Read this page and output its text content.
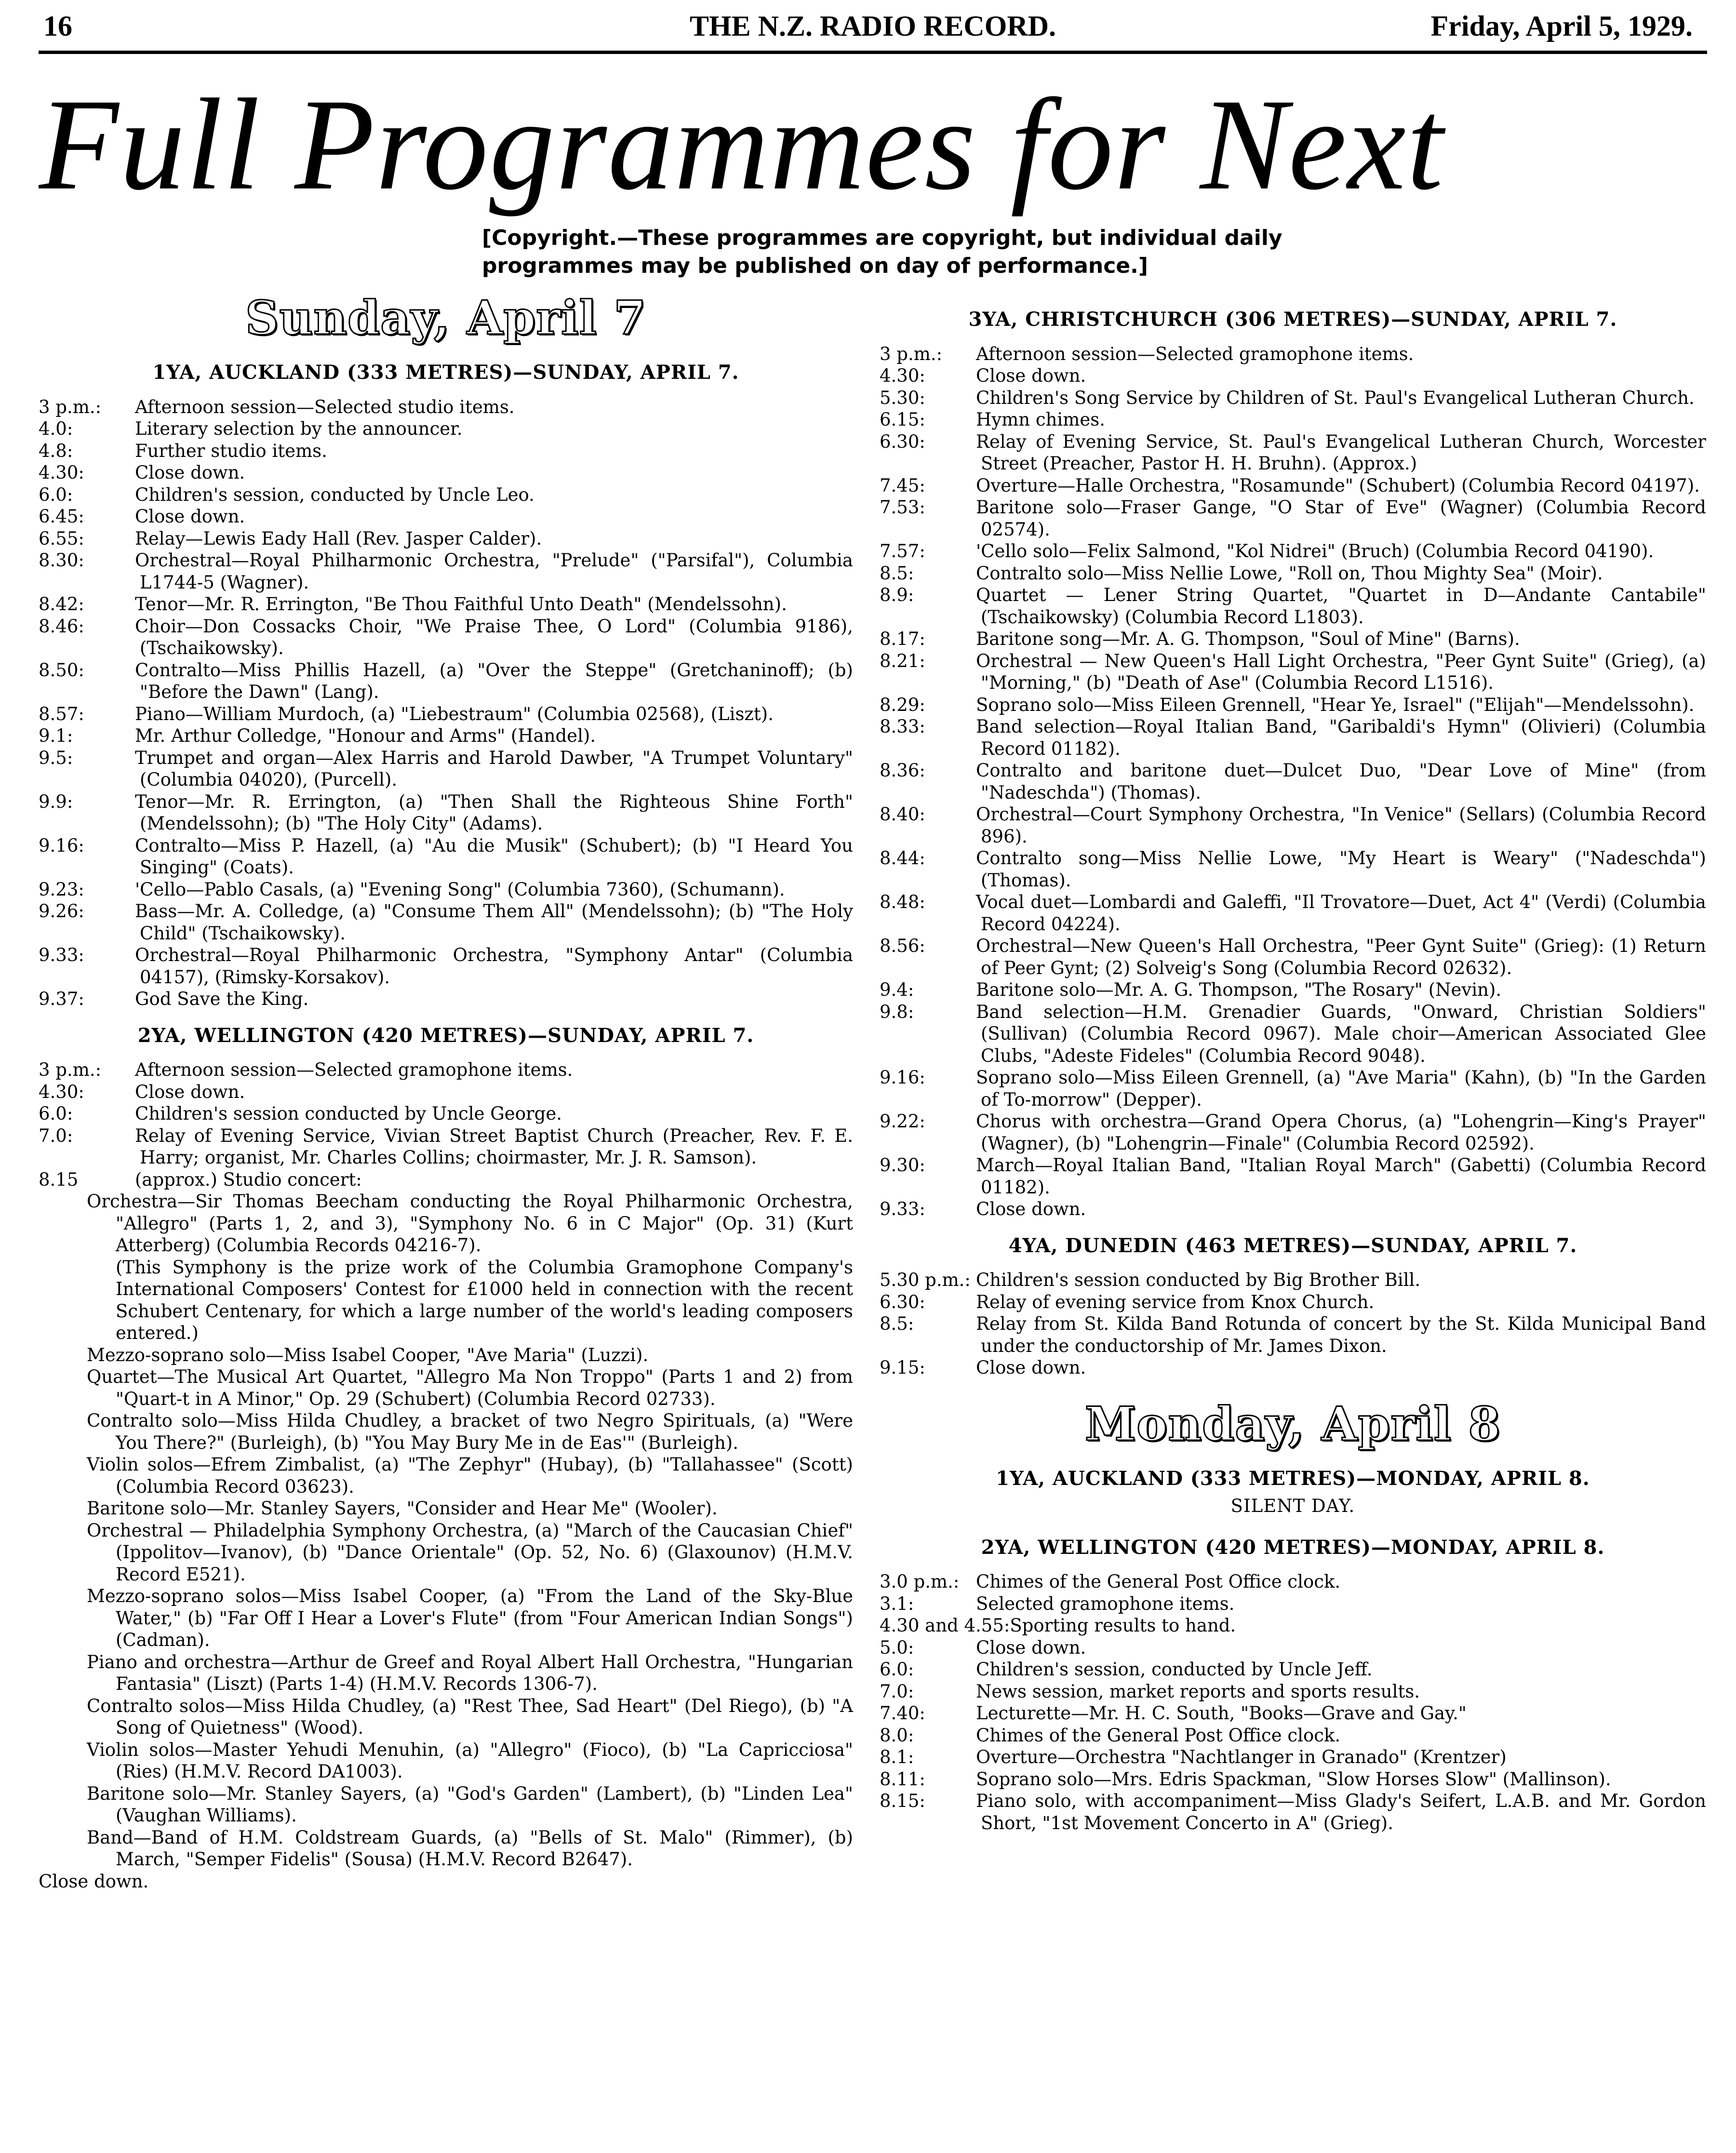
16	THE N.Z. RADIO RECORD.	Friday, April 5, 1929.
Full Programmes for Next
[Copyright.—These programmes are copyright, but individual daily programmes may be published on day of performance.]
Sunday, April 7
1YA, AUCKLAND (333 METRES)—SUNDAY, APRIL 7.
3 p.m.: Afternoon session—Selected studio items.
4.0:	Literary selection by the announcer.
4.8:	Further studio items.
4.30:	Close down.
6.0:	Children's session, conducted by Uncle Leo.
6.45:	Close down.
6.55:	Relay—Lewis Eady Hall (Rev. Jasper Calder).
8.30:	Orchestral—Royal Philharmonic Orchestra, "Prelude" ("Parsifal"), Columbia L1744-5 (Wagner).
8.42:	Tenor—Mr. R. Errington, "Be Thou Faithful Unto Death" (Mendelssohn).
8.46:	Choir—Don Cossacks Choir, "We Praise Thee, O Lord" (Columbia 9186), (Tschaikowsky).
8.50:	Contralto—Miss Phillis Hazell, (a) "Over the Steppe" (Gretchaninoff); (b) "Before the Dawn" (Lang).
8.57:	Piano—William Murdoch, (a) "Liebestraum" (Columbia 02568), (Liszt).
9.1:	Mr. Arthur Colledge, "Honour and Arms" (Handel).
9.5:	Trumpet and organ—Alex Harris and Harold Dawber, "A Trumpet Voluntary" (Columbia 04020), (Purcell).
9.9:	Tenor—Mr. R. Errington, (a) "Then Shall the Righteous Shine Forth" (Mendelssohn); (b) "The Holy City" (Adams).
9.16:	Contralto—Miss P. Hazell, (a) "Au die Musik" (Schubert); (b) "I Heard You Singing" (Coats).
9.23:	'Cello—Pablo Casals, (a) "Evening Song" (Columbia 7360), (Schumann).
9.26:	Bass—Mr. A. Colledge, (a) "Consume Them All" (Mendelssohn); (b) "The Holy Child" (Tschaikowsky).
9.33:	Orchestral—Royal Philharmonic Orchestra, "Symphony Antar" (Columbia 04157), (Rimsky-Korsakov).
9.37:	God Save the King.
2YA, WELLINGTON (420 METRES)—SUNDAY, APRIL 7.
3 p.m.: Afternoon session—Selected gramophone items.
4.30:	Close down.
6.0:	Children's session conducted by Uncle George.
7.0:	Relay of Evening Service, Vivian Street Baptist Church (Preacher, Rev. F. E. Harry; organist, Mr. Charles Collins; choirmaster, Mr. J. R. Samson).
8.15	(approx.) Studio concert:
Orchestra—Sir Thomas Beecham conducting the Royal Philharmonic Orchestra, "Allegro" (Parts 1, 2, and 3), "Symphony No. 6 in C Major" (Op. 31) (Kurt Atterberg) (Columbia Records 04216-7).
(This Symphony is the prize work of the Columbia Gramophone Company's International Composers' Contest for £1000 held in connection with the recent Schubert Centenary, for which a large number of the world's leading composers entered.)
Mezzo-soprano solo—Miss Isabel Cooper, "Ave Maria" (Luzzi).
Quartet—The Musical Art Quartet, "Allegro Ma Non Troppo" (Parts 1 and 2) from "Quart-t in A Minor," Op. 29 (Schubert) (Columbia Record 02733).
Contralto solo—Miss Hilda Chudley, a bracket of two Negro Spirituals, (a) "Were You There?" (Burleigh), (b) "You May Bury Me in de Eas'" (Burleigh).
Violin solos—Efrem Zimbalist, (a) "The Zephyr" (Hubay), (b) "Tallahassee" (Scott) (Columbia Record 03623).
Baritone solo—Mr. Stanley Sayers, "Consider and Hear Me" (Wooler).
Orchestral — Philadelphia Symphony Orchestra, (a) "March of the Caucasian Chief" (Ippolitov—Ivanov), (b) "Dance Orientale" (Op. 52, No. 6) (Glaxounov) (H.M.V. Record E521).
Mezzo-soprano solos—Miss Isabel Cooper, (a) "From the Land of the Sky-Blue Water," (b) "Far Off I Hear a Lover's Flute" (from "Four American Indian Songs") (Cadman).
Piano and orchestra—Arthur de Greef and Royal Albert Hall Orchestra, "Hungarian Fantasia" (Liszt) (Parts 1-4) (H.M.V. Records 1306-7).
Contralto solos—Miss Hilda Chudley, (a) "Rest Thee, Sad Heart" (Del Riego), (b) "A Song of Quietness" (Wood).
Violin solos—Master Yehudi Menuhin, (a) "Allegro" (Fioco), (b) "La Capricciosa" (Ries) (H.M.V. Record DA1003).
Baritone solo—Mr. Stanley Sayers, (a) "God's Garden" (Lambert), (b) "Linden Lea" (Vaughan Williams).
Band—Band of H.M. Coldstream Guards, (a) "Bells of St. Malo" (Rimmer), (b) March, "Semper Fidelis" (Sousa) (H.M.V. Record B2647).
Close down.
3YA, CHRISTCHURCH (306 METRES)—SUNDAY, APRIL 7.
3 p.m.: Afternoon session—Selected gramophone items.
4.30:	Close down.
5.30:	Children's Song Service by Children of St. Paul's Evangelical Lutheran Church.
6.15:	Hymn chimes.
6.30:	Relay of Evening Service, St. Paul's Evangelical Lutheran Church, Worcester Street (Preacher, Pastor H. H. Bruhn). (Approx.)
7.45:	Overture—Halle Orchestra, "Rosamunde" (Schubert) (Columbia Record 04197).
7.53:	Baritone solo—Fraser Gange, "O Star of Eve" (Wagner) (Columbia Record 02574).
7.57:	'Cello solo—Felix Salmond, "Kol Nidrei" (Bruch) (Columbia Record 04190).
8.5:	Contralto solo—Miss Nellie Lowe, "Roll on, Thou Mighty Sea" (Moir).
8.9:	Quartet — Lener String Quartet, "Quartet in D—Andante Cantabile" (Tschaikowsky) (Columbia Record L1803).
8.17:	Baritone song—Mr. A. G. Thompson, "Soul of Mine" (Barns).
8.21:	Orchestral — New Queen's Hall Light Orchestra, "Peer Gynt Suite" (Grieg), (a) "Morning," (b) "Death of Ase" (Columbia Record L1516).
8.29:	Soprano solo—Miss Eileen Grennell, "Hear Ye, Israel" ("Elijah"—Mendelssohn).
8.33:	Band selection—Royal Italian Band, "Garibaldi's Hymn" (Olivieri) (Columbia Record 01182).
8.36:	Contralto and baritone duet—Dulcet Duo, "Dear Love of Mine" (from "Nadeschda") (Thomas).
8.40:	Orchestral—Court Symphony Orchestra, "In Venice" (Sellars) (Columbia Record 896).
8.44:	Contralto song—Miss Nellie Lowe, "My Heart is Weary" ("Nadeschda") (Thomas).
8.48:	Vocal duet—Lombardi and Galeffi, "Il Trovatore—Duet, Act 4" (Verdi) (Columbia Record 04224).
8.56:	Orchestral—New Queen's Hall Orchestra, "Peer Gynt Suite" (Grieg): (1) Return of Peer Gynt; (2) Solveig's Song (Columbia Record 02632).
9.4:	Baritone solo—Mr. A. G. Thompson, "The Rosary" (Nevin).
9.8:	Band selection—H.M. Grenadier Guards, "Onward, Christian Soldiers" (Sullivan) (Columbia Record 0967). Male choir—American Associated Glee Clubs, "Adeste Fideles" (Columbia Record 9048).
9.16:	Soprano solo—Miss Eileen Grennell, (a) "Ave Maria" (Kahn), (b) "In the Garden of To-morrow" (Depper).
9.22:	Chorus with orchestra—Grand Opera Chorus, (a) "Lohengrin—King's Prayer" (Wagner), (b) "Lohengrin—Finale" (Columbia Record 02592).
9.30:	March—Royal Italian Band, "Italian Royal March" (Gabetti) (Columbia Record 01182).
9.33:	Close down.
4YA, DUNEDIN (463 METRES)—SUNDAY, APRIL 7.
5.30 p.m.: Children's session conducted by Big Brother Bill.
6.30:	Relay of evening service from Knox Church.
8.5:	Relay from St. Kilda Band Rotunda of concert by the St. Kilda Municipal Band under the conductorship of Mr. James Dixon.
9.15:	Close down.
Monday, April 8
1YA, AUCKLAND (333 METRES)—MONDAY, APRIL 8.
SILENT DAY.
2YA, WELLINGTON (420 METRES)—MONDAY, APRIL 8.
3.0 p.m.: Chimes of the General Post Office clock.
3.1:	Selected gramophone items.
4.30 and 4.55:Sporting results to hand.
5.0:	Close down.
6.0:	Children's session, conducted by Uncle Jeff.
7.0:	News session, market reports and sports results.
7.40:	Lecturette—Mr. H. C. South, "Books—Grave and Gay."
8.0:	Chimes of the General Post Office clock.
8.1:	Overture—Orchestra "Nachtlanger in Granado" (Krentzer)
8.11:	Soprano solo—Mrs. Edris Spackman, "Slow Horses Slow" (Mallinson).
8.15:	Piano solo, with accompaniment—Miss Glady's Seifert, L.A.B. and Mr. Gordon Short, "1st Movement Concerto in A" (Grieg).
